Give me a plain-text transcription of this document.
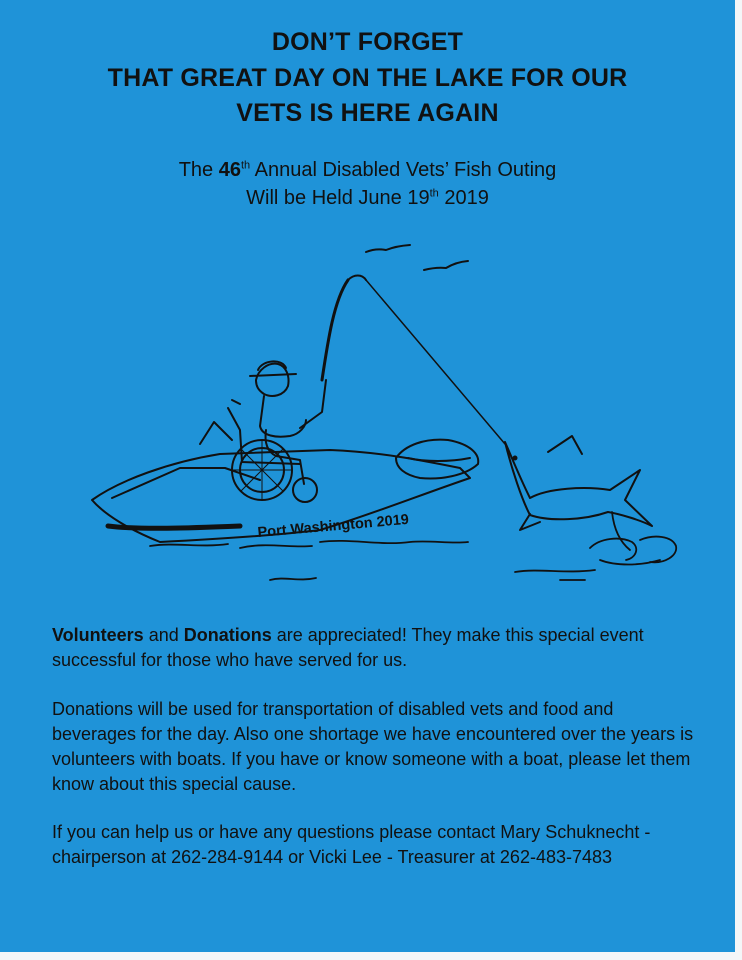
DON’T FORGET
THAT GREAT DAY ON THE LAKE FOR OUR
VETS IS HERE AGAIN
The 46th Annual Disabled Vets’ Fish Outing
Will be Held June 19th 2019
Port Washington 2019
Volunteers and Donations are appreciated! They make this special event successful for those who have served for us.
Donations will be used for transportation of disabled vets and food and beverages for the day. Also one shortage we have encountered over the years is volunteers with boats. If you have or know someone with a boat, please let them know about this special cause.
If you can help us or have any questions please contact Mary Schuknecht - chairperson at 262-284-9144 or Vicki Lee - Treasurer at 262-483-7483
